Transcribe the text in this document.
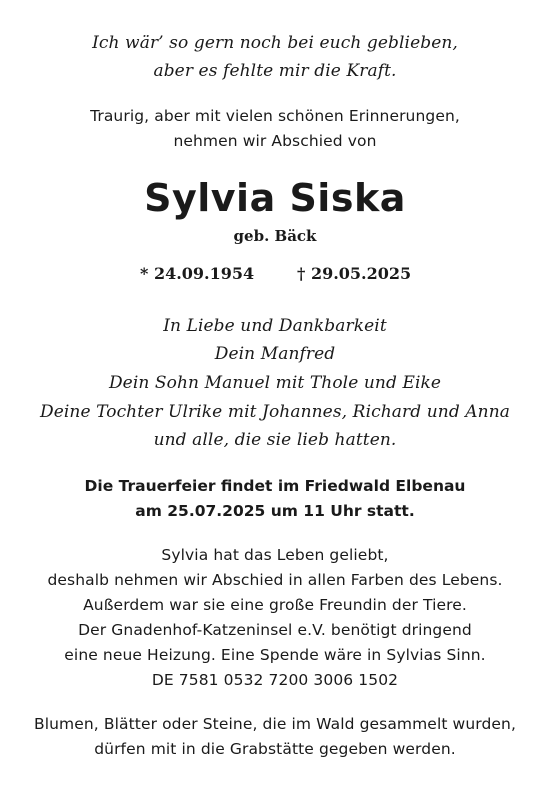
Ich wär’ so gern noch bei euch geblieben,
aber es fehlte mir die Kraft.
Traurig, aber mit vielen schönen Erinnerungen,
nehmen wir Abschied von
Sylvia Siska
geb. Bäck
* 24.09.1954	† 29.05.2025
In Liebe und Dankbarkeit
Dein Manfred
Dein Sohn Manuel mit Thole und Eike
Deine Tochter Ulrike mit Johannes, Richard und Anna
und alle, die sie lieb hatten.
Die Trauerfeier findet im Friedwald Elbenau
am 25.07.2025 um 11 Uhr statt.
Sylvia hat das Leben geliebt,
deshalb nehmen wir Abschied in allen Farben des Lebens.
Außerdem war sie eine große Freundin der Tiere.
Der Gnadenhof-Katzeninsel e.V. benötigt dringend
eine neue Heizung. Eine Spende wäre in Sylvias Sinn.
DE 7581 0532 7200 3006 1502
Blumen, Blätter oder Steine, die im Wald gesammelt wurden,
dürfen mit in die Grabstätte gegeben werden.
